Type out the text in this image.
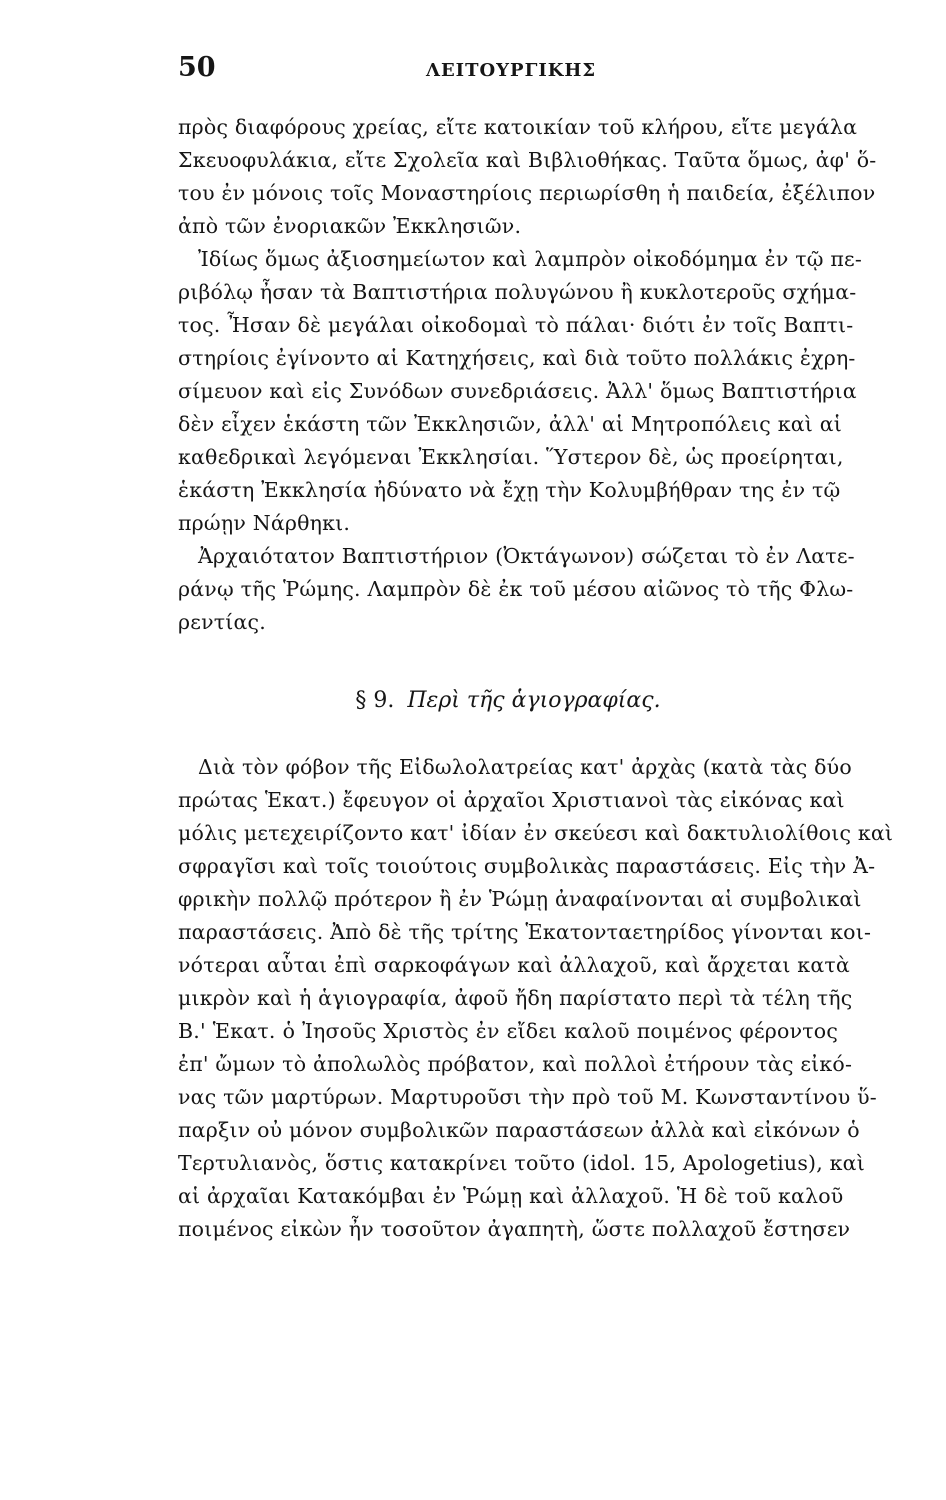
50	ΛΕΙΤΟΥΡΓΙΚΗΣ
πρὸς διαφόρους χρείας, εἴτε κατοικίαν τοῦ κλήρου, εἴτε μεγάλα
Σκευοφυλάκια, εἴτε Σχολεῖα καὶ Βιβλιοθήκας. Ταῦτα ὅμως, ἀφ' ὅ-
του ἐν μόνοις τοῖς Μοναστηρίοις περιωρίσθη ἡ παιδεία, ἐξέλιπον
ἀπὸ τῶν ἐνοριακῶν Ἐκκλησιῶν.
Ἰδίως ὅμως ἀξιοσημείωτον καὶ λαμπρὸν οἰκοδόμημα ἐν τῷ πε-
ριβόλῳ ἦσαν τὰ Βαπτιστήρια πολυγώνου ἢ κυκλοτεροῦς σχήμα-
τος. Ἦσαν δὲ μεγάλαι οἰκοδομαὶ τὸ πάλαι· διότι ἐν τοῖς Βαπτι-
στηρίοις ἐγίνοντο αἱ Κατηχήσεις, καὶ διὰ τοῦτο πολλάκις ἐχρη-
σίμευον καὶ εἰς Συνόδων συνεδριάσεις. Ἀλλ' ὅμως Βαπτιστήρια
δὲν εἶχεν ἑκάστη τῶν Ἐκκλησιῶν, ἀλλ' αἱ Μητροπόλεις καὶ αἱ
καθεδρικαὶ λεγόμεναι Ἐκκλησίαι. Ὕστερον δὲ, ὡς προείρηται,
ἑκάστη Ἐκκλησία ἠδύνατο νὰ ἔχῃ τὴν Κολυμβήθραν της ἐν τῷ
πρώῃν Νάρθηκι.
Ἀρχαιότατον Βαπτιστήριον (Ὀκτάγωνον) σώζεται τὸ ἐν Λατε-
ράνῳ τῆς Ῥώμης. Λαμπρὸν δὲ ἐκ τοῦ μέσου αἰῶνος τὸ τῆς Φλω-
ρεντίας.
§ 9. Περὶ τῆς ἁγιογραφίας.
Διὰ τὸν φόβον τῆς Εἰδωλολατρείας κατ' ἀρχὰς (κατὰ τὰς δύο
πρώτας Ἑκατ.) ἔφευγον οἱ ἀρχαῖοι Χριστιανοὶ τὰς εἰκόνας καὶ
μόλις μετεχειρίζοντο κατ' ἰδίαν ἐν σκεύεσι καὶ δακτυλιολίθοις καὶ
σφραγῖσι καὶ τοῖς τοιούτοις συμβολικὰς παραστάσεις. Εἰς τὴν Ἀ-
φρικὴν πολλῷ πρότερον ἢ ἐν Ῥώμῃ ἀναφαίνονται αἱ συμβολικαὶ
παραστάσεις. Ἀπὸ δὲ τῆς τρίτης Ἑκατονταετηρίδος γίνονται κοι-
νότεραι αὗται ἐπὶ σαρκοφάγων καὶ ἀλλαχοῦ, καὶ ἄρχεται κατὰ
μικρὸν καὶ ἡ ἁγιογραφία, ἀφοῦ ἤδη παρίστατο περὶ τὰ τέλη τῆς
Β.' Ἑκατ. ὁ Ἰησοῦς Χριστὸς ἐν εἴδει καλοῦ ποιμένος φέροντος
ἐπ' ὤμων τὸ ἀπολωλὸς πρόβατον, καὶ πολλοὶ ἐτήρουν τὰς εἰκό-
νας τῶν μαρτύρων. Μαρτυροῦσι τὴν πρὸ τοῦ Μ. Κωνσταντίνου ὕ-
παρξιν οὐ μόνον συμβολικῶν παραστάσεων ἀλλὰ καὶ εἰκόνων ὁ
Τερτυλιανὸς, ὅστις κατακρίνει τοῦτο (idol. 15, Apologetius), καὶ
αἱ ἀρχαῖαι Κατακόμβαι ἐν Ῥώμῃ καὶ ἀλλαχοῦ. Ἡ δὲ τοῦ καλοῦ
ποιμένος εἰκὼν ἦν τοσοῦτον ἀγαπητὴ, ὥστε πολλαχοῦ ἔστησεν
